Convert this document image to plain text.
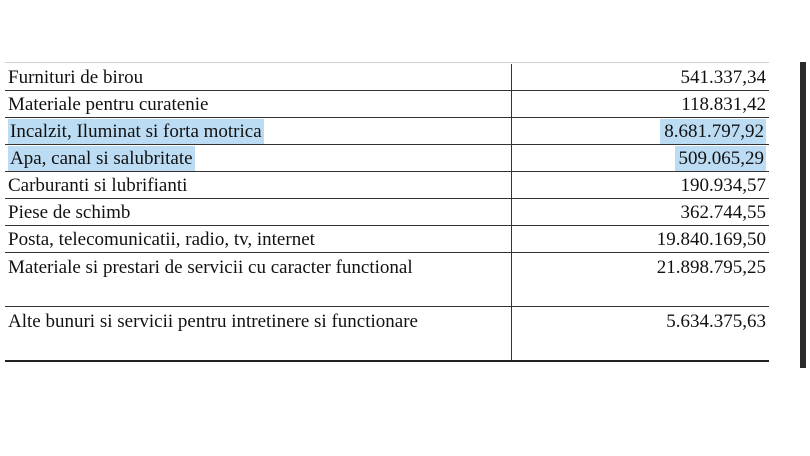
Furnituri de birou	541.337,34
Materiale pentru curatenie	118.831,42
Incalzit, Iluminat si forta motrica	8.681.797,92
Apa, canal si salubritate	509.065,29
Carburanti si lubrifianti	190.934,57
Piese de schimb	362.744,55
Posta, telecomunicatii, radio, tv, internet	19.840.169,50
Materiale si prestari de servicii cu caracter functional	21.898.795,25
Alte bunuri si servicii pentru intretinere si functionare	5.634.375,63
